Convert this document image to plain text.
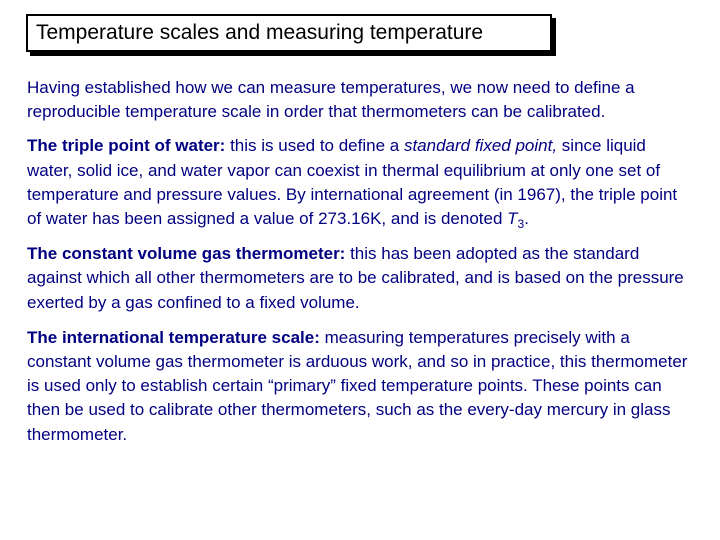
Temperature scales and measuring temperature

Having established how we can measure temperatures, we now need to define a reproducible temperature scale in order that thermometers can be calibrated.

The triple point of water: this is used to define a standard fixed point, since liquid water, solid ice, and water vapor can coexist in thermal equilibrium at only one set of temperature and pressure values. By international agreement (in 1967), the triple point of water has been assigned a value of 273.16K, and is denoted $T_3$.

The constant volume gas thermometer: this has been adopted as the standard against which all other thermometers are to be calibrated, and is based on the pressure exerted by a gas confined to a fixed volume.

The international temperature scale: measuring temperatures precisely with a constant volume gas thermometer is arduous work, and so in practice, this thermometer is used only to establish certain “primary” fixed temperature points. These points can then be used to calibrate other thermometers, such as the every-day mercury in glass thermometer.
